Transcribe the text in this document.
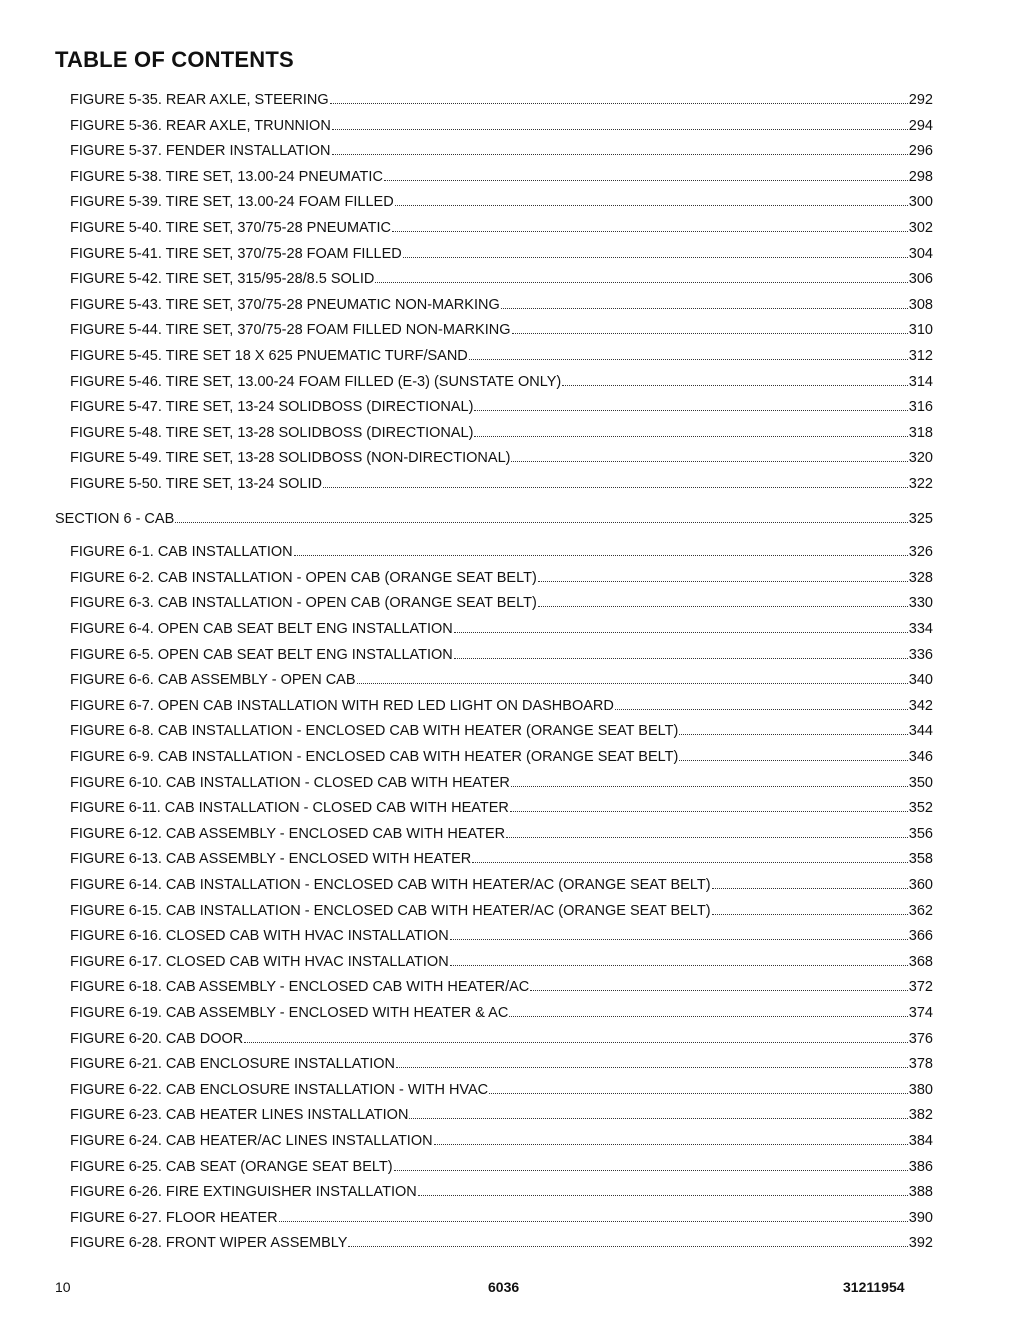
TABLE OF CONTENTS
FIGURE 5-35. REAR AXLE, STEERING	292
FIGURE 5-36. REAR AXLE, TRUNNION	294
FIGURE 5-37. FENDER INSTALLATION	296
FIGURE 5-38. TIRE SET, 13.00-24 PNEUMATIC	298
FIGURE 5-39. TIRE SET, 13.00-24 FOAM FILLED	300
FIGURE 5-40. TIRE SET, 370/75-28 PNEUMATIC	302
FIGURE 5-41. TIRE SET, 370/75-28 FOAM FILLED	304
FIGURE 5-42. TIRE SET, 315/95-28/8.5 SOLID	306
FIGURE 5-43. TIRE SET, 370/75-28 PNEUMATIC NON-MARKING	308
FIGURE 5-44. TIRE SET, 370/75-28 FOAM FILLED NON-MARKING	310
FIGURE 5-45. TIRE SET 18 X 625 PNUEMATIC TURF/SAND	312
FIGURE 5-46. TIRE SET, 13.00-24 FOAM FILLED (E-3) (SUNSTATE ONLY)	314
FIGURE 5-47. TIRE SET, 13-24 SOLIDBOSS (DIRECTIONAL)	316
FIGURE 5-48. TIRE SET, 13-28 SOLIDBOSS (DIRECTIONAL)	318
FIGURE 5-49. TIRE SET, 13-28 SOLIDBOSS (NON-DIRECTIONAL)	320
FIGURE 5-50. TIRE SET, 13-24 SOLID	322
SECTION 6 - CAB	325
FIGURE 6-1. CAB INSTALLATION	326
FIGURE 6-2. CAB INSTALLATION - OPEN CAB (ORANGE SEAT BELT)	328
FIGURE 6-3. CAB INSTALLATION - OPEN CAB (ORANGE SEAT BELT)	330
FIGURE 6-4. OPEN CAB SEAT BELT ENG INSTALLATION	334
FIGURE 6-5. OPEN CAB SEAT BELT ENG INSTALLATION	336
FIGURE 6-6. CAB ASSEMBLY - OPEN CAB	340
FIGURE 6-7. OPEN CAB INSTALLATION WITH RED LED LIGHT ON DASHBOARD	342
FIGURE 6-8. CAB INSTALLATION - ENCLOSED CAB WITH HEATER (ORANGE SEAT BELT)	344
FIGURE 6-9. CAB INSTALLATION - ENCLOSED CAB WITH HEATER (ORANGE SEAT BELT)	346
FIGURE 6-10. CAB INSTALLATION - CLOSED CAB WITH HEATER	350
FIGURE 6-11. CAB INSTALLATION - CLOSED CAB WITH HEATER	352
FIGURE 6-12. CAB ASSEMBLY - ENCLOSED CAB WITH HEATER	356
FIGURE 6-13. CAB ASSEMBLY - ENCLOSED WITH HEATER	358
FIGURE 6-14. CAB INSTALLATION - ENCLOSED CAB WITH HEATER/AC (ORANGE SEAT BELT)	360
FIGURE 6-15. CAB INSTALLATION - ENCLOSED CAB WITH HEATER/AC (ORANGE SEAT BELT)	362
FIGURE 6-16. CLOSED CAB WITH HVAC INSTALLATION	366
FIGURE 6-17. CLOSED CAB WITH HVAC INSTALLATION	368
FIGURE 6-18. CAB ASSEMBLY - ENCLOSED CAB WITH HEATER/AC	372
FIGURE 6-19. CAB ASSEMBLY - ENCLOSED WITH HEATER & AC	374
FIGURE 6-20. CAB DOOR	376
FIGURE 6-21. CAB ENCLOSURE INSTALLATION	378
FIGURE 6-22. CAB ENCLOSURE INSTALLATION - WITH HVAC	380
FIGURE 6-23. CAB HEATER LINES INSTALLATION	382
FIGURE 6-24. CAB HEATER/AC LINES INSTALLATION	384
FIGURE 6-25. CAB SEAT (ORANGE SEAT BELT)	386
FIGURE 6-26. FIRE EXTINGUISHER INSTALLATION	388
FIGURE 6-27. FLOOR HEATER	390
FIGURE 6-28. FRONT WIPER ASSEMBLY	392
10	6036	31211954
